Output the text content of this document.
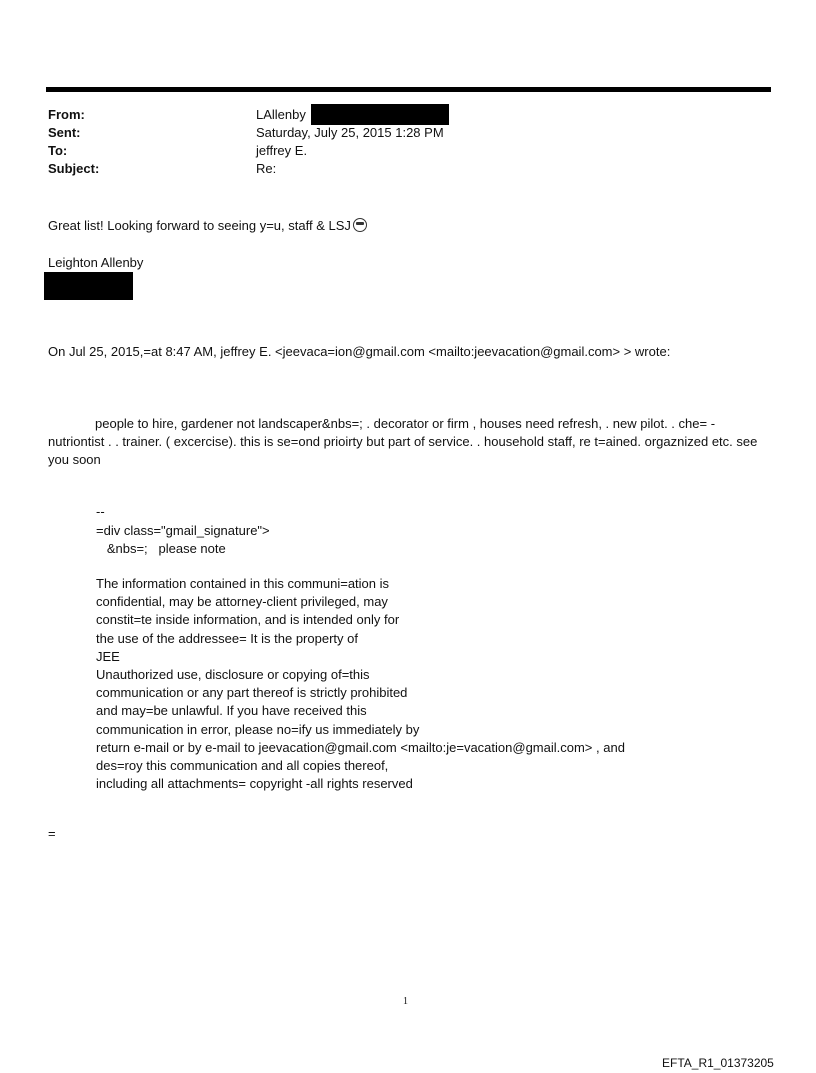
From:	LAllenby
Sent:	Saturday, July 25, 2015 1:28 PM
To:	jeffrey E.
Subject:	Re:
Great list! Looking forward to seeing y=u, staff & LSJ
Leighton Allenby
On Jul 25, 2015,=at 8:47 AM, jeffrey E. <jeevaca=ion@gmail.com <mailto:jeevacation@gmail.com> > wrote:
people to hire, gardener not landscaper&nbs=; . decorator or firm , houses need refresh, . new pilot. . che= - nutriontist . . trainer. ( excercise). this is se=ond prioirty but part of service. . household staff, re t=ained. orgaznized etc. see you soon
--
=div class="gmail_signature">
&nbs=;   please note
The information contained in this communi=ation is
confidential, may be attorney-client privileged, may
constit=te inside information, and is intended only for
the use of the addressee= It is the property of
JEE
Unauthorized use, disclosure or copying of=this
communication or any part thereof is strictly prohibited
and may=be unlawful. If you have received this
communication in error, please no=ify us immediately by
return e-mail or by e-mail to jeevacation@gmail.com <mailto:je=vacation@gmail.com> , and
des=roy this communication and all copies thereof,
including all attachments= copyright -all rights reserved
=
1
EFTA_R1_01373205
